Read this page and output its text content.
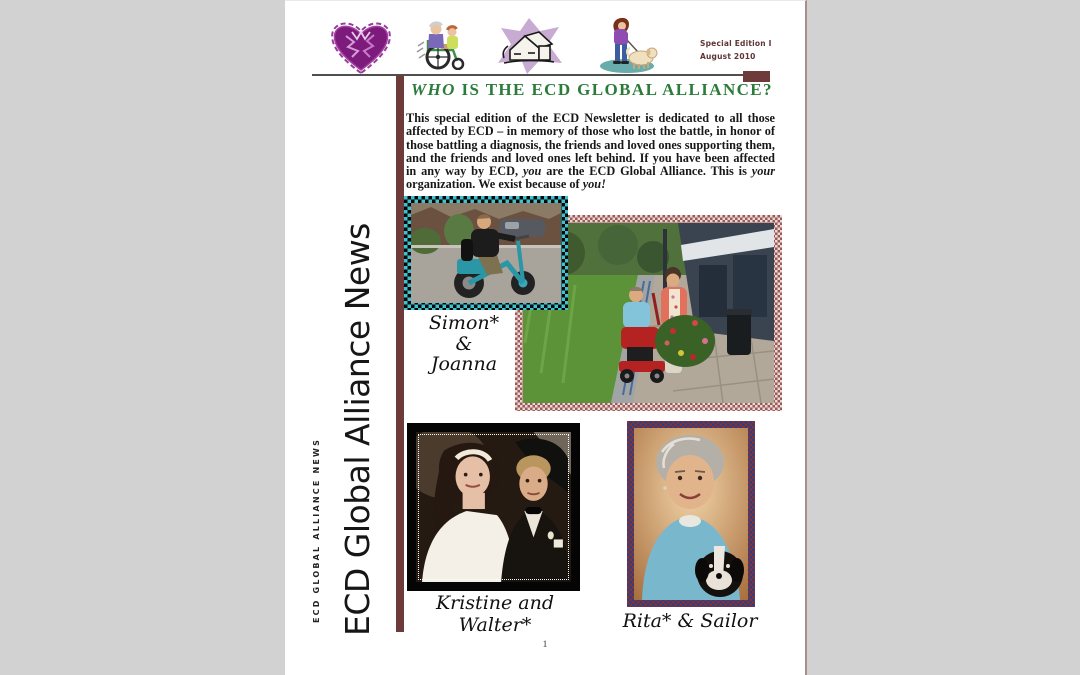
Special Edition I
August 2010
ECD GLOBAL ALLIANCE NEWS ECD Global Alliance News
WHO IS THE ECD GLOBAL ALLIANCE?
This special edition of the ECD Newsletter is dedicated to all those affected by ECD – in memory of those who lost the battle, in honor of those battling a diagnosis, the friends and loved ones supporting them, and the friends and loved ones left behind. If you have been affected in any way by ECD, you are the ECD Global Alliance. This is your organization. We exist because of you!
Simon*
&
Joanna
Kristine and Walter*	Rita* & Sailor
1
